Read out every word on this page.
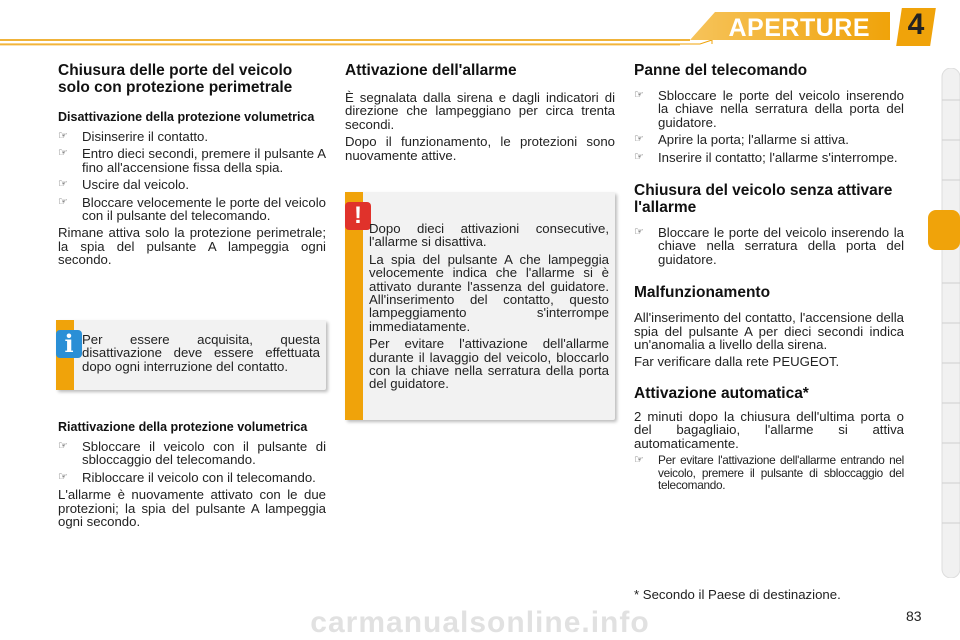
APERTURE	4
Chiusura delle porte del veicolo solo con protezione perimetrale
Disattivazione della protezione volumetrica
☞ Disinserire il contatto.
☞ Entro dieci secondi, premere il pulsante A fino all'accensione fissa della spia.
☞ Uscire dal veicolo.
☞ Bloccare velocemente le porte del veicolo con il pulsante del telecomando.

Rimane attiva solo la protezione perimetrale; la spia del pulsante A lampeggia ogni secondo.

i Per essere acquisita, questa disattivazione deve essere effettuata dopo ogni interruzione del contatto.

Riattivazione della protezione volumetrica
☞ Sbloccare il veicolo con il pulsante di sbloccaggio del telecomando.
☞ Ribloccare il veicolo con il telecomando.

L'allarme è nuovamente attivato con le due protezioni; la spia del pulsante A lampeggia ogni secondo.

Attivazione dell'allarme

È segnalata dalla sirena e dagli indicatori di direzione che lampeggiano per circa trenta secondi.

Dopo il funzionamento, le protezioni sono nuovamente attive.

! Dopo dieci attivazioni consecutive, l'allarme si disattiva.

La spia del pulsante A che lampeggia velocemente indica che l'allarme si è attivato durante l'assenza del guidatore. All'inserimento del contatto, questo lampeggiamento s'interrompe immediatamente.

Per evitare l'attivazione dell'allarme durante il lavaggio del veicolo, bloccarlo con la chiave nella serratura della porta del guidatore.

Panne del telecomando
☞ Sbloccare le porte del veicolo inserendo la chiave nella serratura della porta del guidatore.
☞ Aprire la porta; l'allarme si attiva.
☞ Inserire il contatto; l'allarme s'interrompe.
Chiusura del veicolo senza attivare l'allarme
☞ Bloccare le porte del veicolo inserendo la chiave nella serratura della porta del guidatore.
Malfunzionamento

All'inserimento del contatto, l'accensione della spia del pulsante A per dieci secondi indica un'anomalia a livello della sirena.

Far verificare dalla rete PEUGEOT.

Attivazione automatica*

2 minuti dopo la chiusura dell'ultima porta o del bagagliaio, l'allarme si attiva automaticamente.

☞ Per evitare l'attivazione dell'allarme entrando nel veicolo, premere il pulsante di sbloccaggio del telecomando.

* Secondo il Paese di destinazione.

83
carmanualsonline.info
